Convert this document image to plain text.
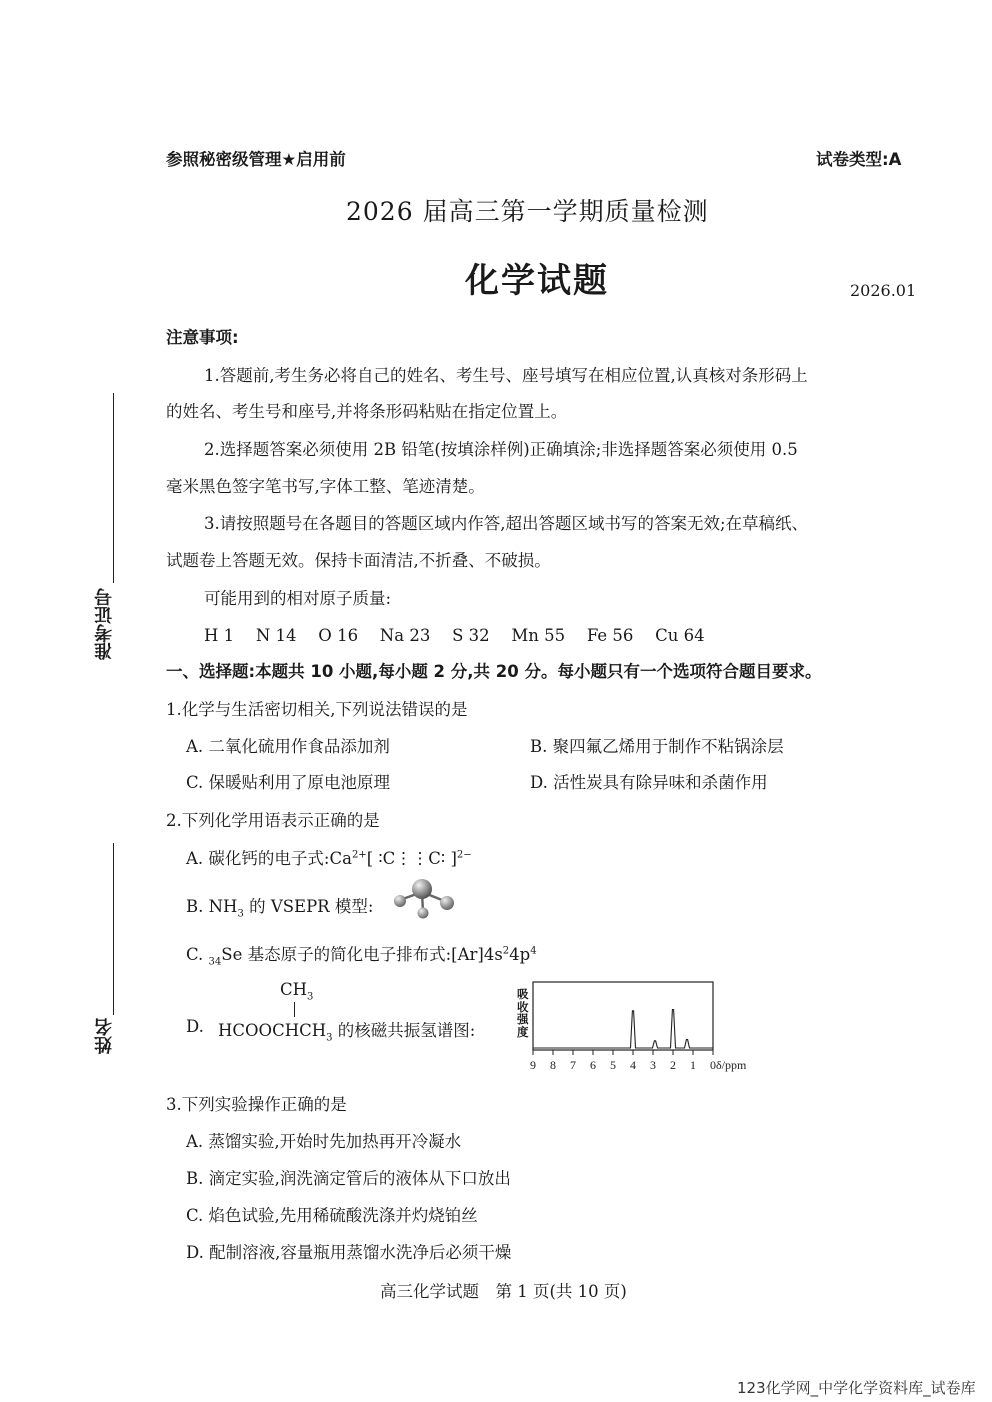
参照秘密级管理★启用前	试卷类型:A
2026 届高三第一学期质量检测
化学试题	2026.01
准考证号
姓名
注意事项:
1.答题前,考生务必将自己的姓名、考生号、座号填写在相应位置,认真核对条形码上
的姓名、考生号和座号,并将条形码粘贴在指定位置上。
2.选择题答案必须使用 2B 铅笔(按填涂样例)正确填涂;非选择题答案必须使用 0.5
毫米黑色签字笔书写,字体工整、笔迹清楚。
3.请按照题号在各题目的答题区域内作答,超出答题区域书写的答案无效;在草稿纸、
试题卷上答题无效。保持卡面清洁,不折叠、不破损。
可能用到的相对原子质量:
H 1　 N 14　 O 16　 Na 23　 S 32　 Mn 55　 Fe 56　 Cu 64
一、选择题:本题共 10 小题,每小题 2 分,共 20 分。每小题只有一个选项符合题目要求。
1.化学与生活密切相关,下列说法错误的是
A. 二氧化硫用作食品添加剂	B. 聚四氟乙烯用于制作不粘锅涂层
C. 保暖贴利用了原电池原理	D. 活性炭具有除异味和杀菌作用
2.下列化学用语表示正确的是
A. 碳化钙的电子式$:Ca^{2+}$[ ∶C⋮⋮C∶ ]$^{2-}$
B. $NH_3$ 的 VSEPR 模型:
C. $_{34}$Se 基态原子的简化电子排布式$:[Ar]4s^24p^4$
D.
$CH_3$
$HCOOCHCH_3$ 的核磁共振氢谱图:
吸
收
强
度
9 8 7 6 5 4 3 2 1 0 δ/ppm
3.下列实验操作正确的是
A. 蒸馏实验,开始时先加热再开冷凝水
B. 滴定实验,润洗滴定管后的液体从下口放出
C. 焰色试验,先用稀硫酸洗涤并灼烧铂丝
D. 配制溶液,容量瓶用蒸馏水洗净后必须干燥
高三化学试题　第 1 页(共 10 页)
123化学网_中学化学资料库_试卷库
